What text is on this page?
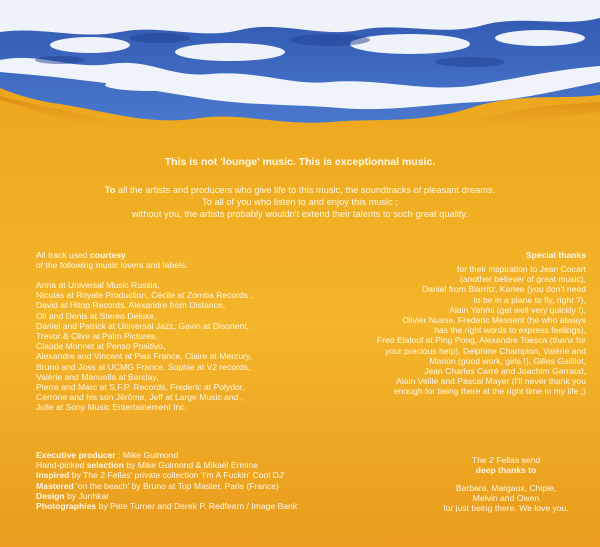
This is not 'lounge' music. This is exceptionnal music.
To all the artists and producers who give life to this music, the soundtracks of pleasant dreams.
To all of you who listen to and enjoy this music ;
without you, the artists probably wouldn't extend their talents to such great quality.
All track used courtesy
of the following music lovers and labels:
Anna at Universal Music Russia,
Nicolas at Royale Production, Cécile at Zomba Records ,
David at Hitop Records, Alexandre from Distance,
Oli and Denis at Stereo Deluxe,
Daniel and Patrick at Universal Jazz, Gavin at Disorient,
Trevor & Clive at Palm Pictures,
Claude Monnet at Penso Positivo,
Alexandre and Vincent at Pias France, Claire at Mercury,
Bruno and Joss at UCMG France, Sophie at V2 records,
Valérie and Manuella at Barclay,
Pierre and Marc at S.F.P. Records, Frederic at Polydor,
Cerrone and his son Jérôme, Jeff at Large Music and ,
Julie at Sony Music Entertainement Inc.
Special thanks
for their inspiration to Jean Cocart
(another believer of great music),
Daniel from Biarritz, Karlee (you don't need
to be in a plane to fly, right ?),
Alain Yahmi (get well very quickly !),
Olivier Nusse, Frederic Messent (he who always
has the right words to express feelings),
Fred Elalouf at Ping Pong, Alexandre Toesca (thanx for
your precious help), Delphine Champion, Valérie and
Marion (good work, girls !), Gilles Gailliot,
Jean Charles Carré and Joachim Garraud,
Alain Veille and Pascal Mayer (I'll never thank you
enough for being there at the right time in my life ;)
Executive producer : Mike Guimond
Hand-picked selection by Mike Guimond & Mikaël Ermine
Inspired by The 2 Fellas' private collection 'I'm A Fuckin' Cool DJ'
Mastered 'on the beach' by Bruno at Top Master, Paris (France)
Design by Junhkar
Photographies by Pete Turner and Derek P. Redfearn / Image Bank
The 2 Fellas send
deep thanks to
Barbara, Margaux, Chipie,
Melvin and Owen
for just being there. We love you.
